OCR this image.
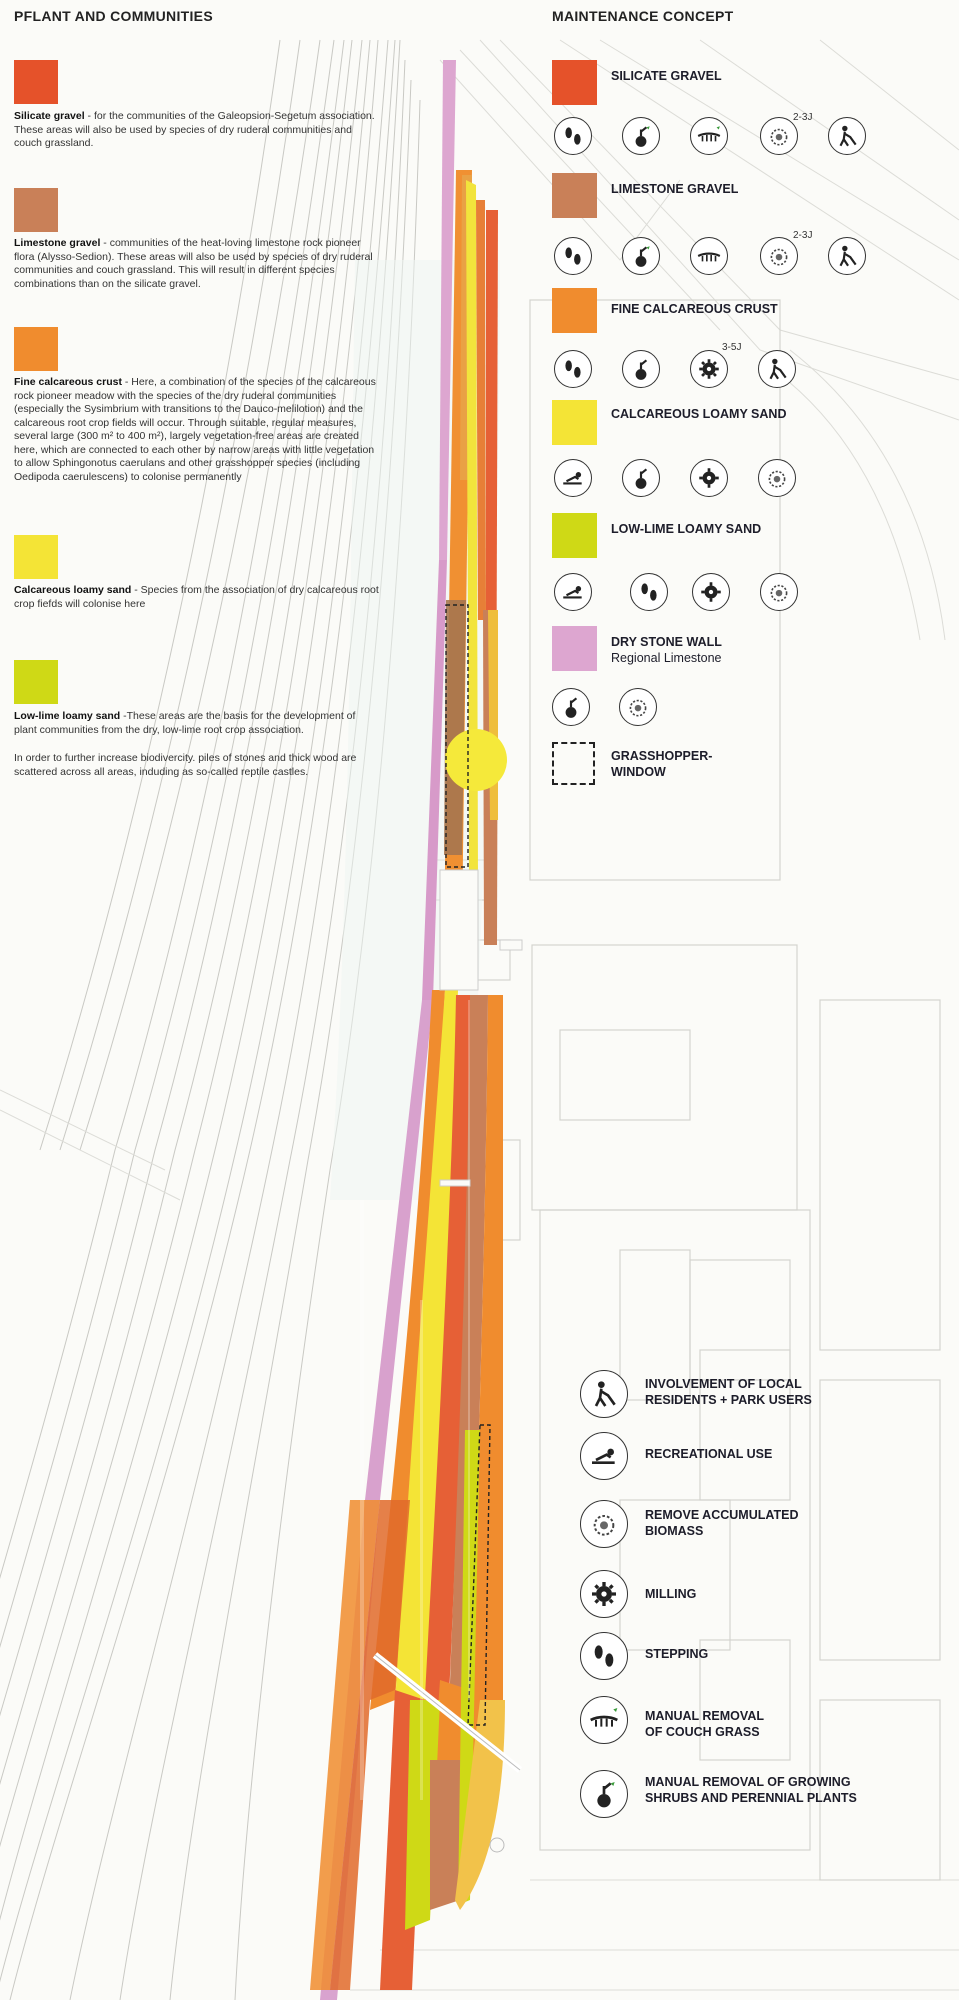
PFLANT AND COMMUNITIES
Silicate gravel - for the communities of the Galeopsion-Segetum association. These areas will also be used by species of dry ruderal communities and couch grassland.
Limestone gravel - communities of the heat-loving limestone rock pioneer flora (Alysso-Sedion). These areas will also be used by species of dry ruderal communities and couch grassland. This will result in different species combinations than on the silicate gravel.
Fine calcareous crust - Here, a combination of the species of the calcareous rock pioneer meadow with the species of the dry ruderal communities (especially the Sysimbrium with transitions to the Dauco-melilotion) and the calcareous root crop fields will occur. Through suitable, regular measures, several large (300 m² to 400 m²), largely vegetation-free areas are created here, which are connected to each other by narrow areas with little vegetation to allow Sphingonotus caerulans and other grasshopper species (including Oedipoda caerulescens) to colonise permanently
Calcareous loamy sand - Species from the association of dry calcareous root crop fiefds will colonise here
Low-lime loamy sand -These areas are the basis for the development of plant communities from the dry, low-lime root crop association.
In order to further increase biodivercity. piles of stones and thick wood are scattered across all areas, induding as so-called reptile castles.
MAINTENANCE CONCEPT
SILICATE GRAVEL
2-3J
LIMESTONE GRAVEL
2-3J
FINE CALCAREOUS CRUST
3-5J
CALCAREOUS LOAMY SAND
LOW-LIME LOAMY SAND
DRY STONE WALL
Regional Limestone
GRASSHOPPER-
WINDOW
INVOLVEMENT OF LOCAL
RESIDENTS + PARK USERS
RECREATIONAL USE
REMOVE ACCUMULATED
BIOMASS
MILLING
STEPPING
MANUAL REMOVAL
OF COUCH GRASS
MANUAL REMOVAL OF GROWING
SHRUBS AND PERENNIAL PLANTS
